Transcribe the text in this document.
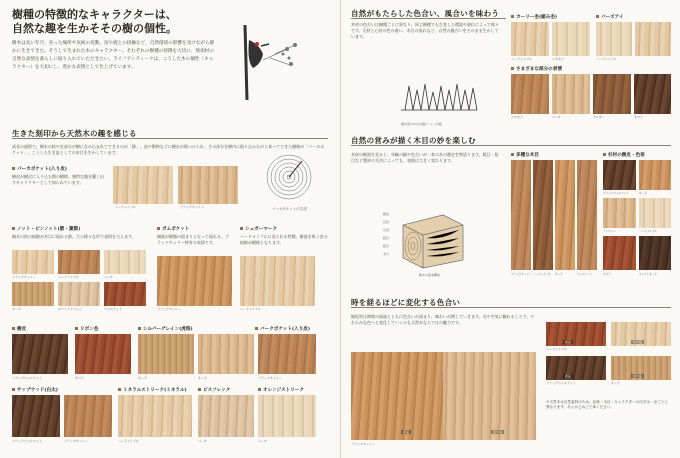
樹種の特徴的なキャラクターは、
自然な趣を生かそその樹の個性。
樹木は長い年月、育った場所や気候の変動、鳥や鹿との接触など、自然環境の影響を受けながら静かに生きてきた。そうして生まれた木のキャラクター。それぞれの樹種の特徴を大切に、無垢材の自然な表情を暮らしに取り入れていただきたい。ライフアンティークは、こうした木の個性（キャラクター）を大切にし、豊かな表情として仕上げています。
生きた刻印から天然木の趣を感じる
成長の過程で、樹木の枝や皮部分が樹に含み込まれてできるのが「節」。鳥や動物などに樹皮が傷つけられ、その部分を樹内に取り込みながら育ってできた模様が「パーカポケット」。こうした生き証としての木目を生かしています。
パーカポケット(入り皮)
樹皮が樹皮に入り込む際の模様。独特な趣を醸し出すキャラクターとして知られています。
ハードメイプル	ブラックチェリー	パーカポケットの生成
ノット・ピンノット(節・葉節)
樹木の枝の痕跡が木目に現れる節。大小様々な形で表情を与えます。
ブラックチェリー	ハードメイプル	バーチ
オーク	ホワイトアッシュ	ウォルナット
ガムポケット
樹液が樹脂の固まりとなって現れる。ブラックチェリー特有の表情です。
ブラックチェリー
シュガーマーク
ハードメイプルに見られる特徴。樹液を吸う虫の痕跡が模様となります。
ハードメイプル
樹皮	リボン杢	シルバーグレイン(虎斑)	バークポケット(入り皮)
ブラックウォルナット	サペリ	オーク	オーク	ブラックチェリー
サップウッド(白太)	ミネラルストリーク(ミネラル)	ピスフレック	オレンジストリーク
ブラックウォルナット	ブラックチェリー	ハードメイプル	バーチ	バーチ
自然がもたらした色合い、風合いを味わう
木材の色合いは樹種ごとに異なり、同じ樹種でも生育した環境や部位によって様々です。辺材と心材の色の違い、木目の流れなど、自然の風合いをそのまま生かしています。
縮杢部の木の元線(イメージ図)
カーリー杢(縮み杢)
ハードメイプル	シカモア
バーズアイ
ハードメイプル
さまざまな部分の表情
シカモア	バーチ	アルダー	サペリ
自然の営みが描く木目の妙を楽しむ
木材の断面を見ると、年輪の幅や色合いが一本の木の歴史を物語ります。板目・柾目など製材の方法によっても、表情は大きく変わります。
樹皮
辺材
心材
板目
柾目
木口
樹木の基本構造
多種な木目
ブラックチェリー ハードメイプル オーク	ウォルナット
杉材の樹皮・色差
ブラックウォルナット	オーク
ミンチョー	ハードメイプル
サペリ	ホワイトオーク
時を経るほどに変化する色合い
無垢材は時間の経過とともに色合いが深まり、味わいが増していきます。光や空気に触れることで、やわらかな色へと変化していくのも天然木ならではの魅力です。
新品	経年後
ブラックチェリー
新品	経年後
ハードメイプル
新品	経年後
ブラックウォルナット	オーク
※天然木は自然素材のため、色味・木目・キャラクターの出方は一点ごとに異なります。あらかじめご了承ください。
